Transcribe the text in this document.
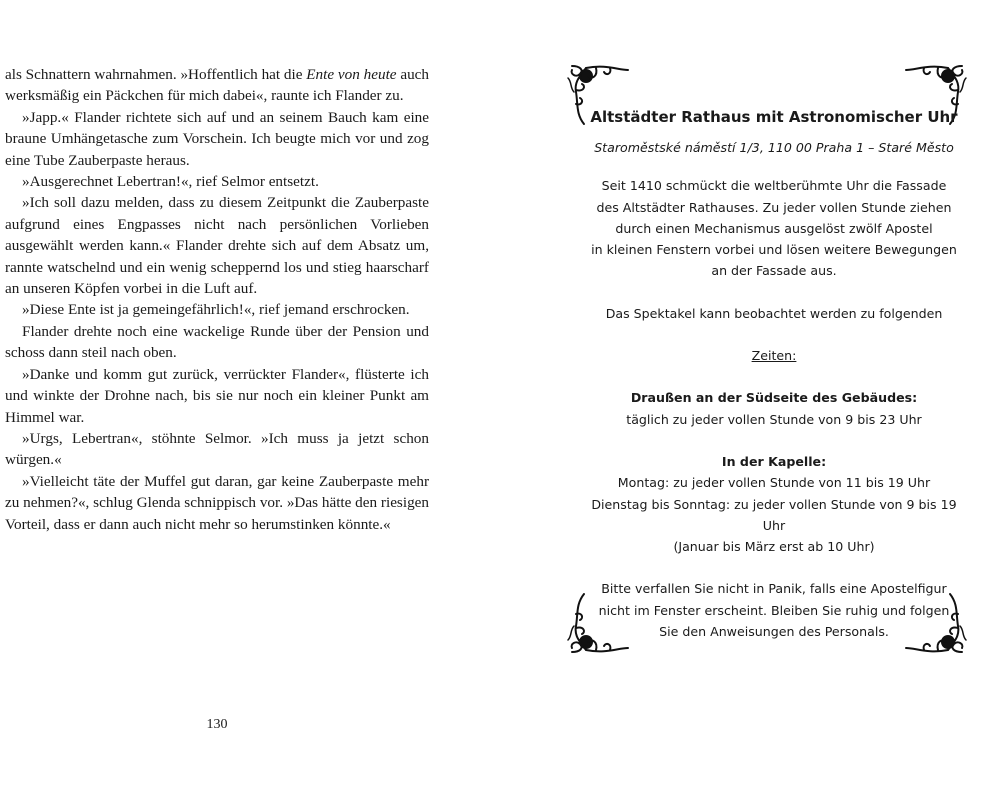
als Schnattern wahrnahmen. »Hoffentlich hat die Ente von heute auch werksmäßig ein Päckchen für mich dabei«, raunte ich Flander zu.

»Japp.« Flander richtete sich auf und an seinem Bauch kam eine braune Umhängetasche zum Vorschein. Ich beugte mich vor und zog eine Tube Zauberpaste heraus.

»Ausgerechnet Lebertran!«, rief Selmor entsetzt.

»Ich soll dazu melden, dass zu diesem Zeitpunkt die Zauberpaste aufgrund eines Engpasses nicht nach persönlichen Vorlieben ausgewählt werden kann.« Flander drehte sich auf dem Absatz um, rannte watschelnd und ein wenig scheppernd los und stieg haarscharf an unseren Köpfen vorbei in die Luft auf.

»Diese Ente ist ja gemeingefährlich!«, rief jemand erschrocken.

Flander drehte noch eine wackelige Runde über der Pension und schoss dann steil nach oben.

»Danke und komm gut zurück, verrückter Flander«, flüsterte ich und winkte der Drohne nach, bis sie nur noch ein kleiner Punkt am Himmel war.

»Urgs, Lebertran«, stöhnte Selmor. »Ich muss ja jetzt schon würgen.«

»Vielleicht täte der Muffel gut daran, gar keine Zauberpaste mehr zu nehmen?«, schlug Glenda schnippisch vor. »Das hätte den riesigen Vorteil, dass er dann auch nicht mehr so herumstinken könnte.«

130
Altstädter Rathaus mit Astronomischer Uhr
Staroměstské náměstí 1/3, 110 00 Praha 1 – Staré Město
Seit 1410 schmückt die weltberühmte Uhr die Fassade
des Altstädter Rathauses. Zu jeder vollen Stunde ziehen
durch einen Mechanismus ausgelöst zwölf Apostel
in kleinen Fenstern vorbei und lösen weitere Bewegungen
an der Fassade aus.
Das Spektakel kann beobachtet werden zu folgenden
Zeiten:
Draußen an der Südseite des Gebäudes:
täglich zu jeder vollen Stunde von 9 bis 23 Uhr
In der Kapelle:
Montag: zu jeder vollen Stunde von 11 bis 19 Uhr
Dienstag bis Sonntag: zu jeder vollen Stunde von 9 bis 19 Uhr
(Januar bis März erst ab 10 Uhr)
Bitte verfallen Sie nicht in Panik, falls eine Apostelfigur
nicht im Fenster erscheint. Bleiben Sie ruhig und folgen
Sie den Anweisungen des Personals.
